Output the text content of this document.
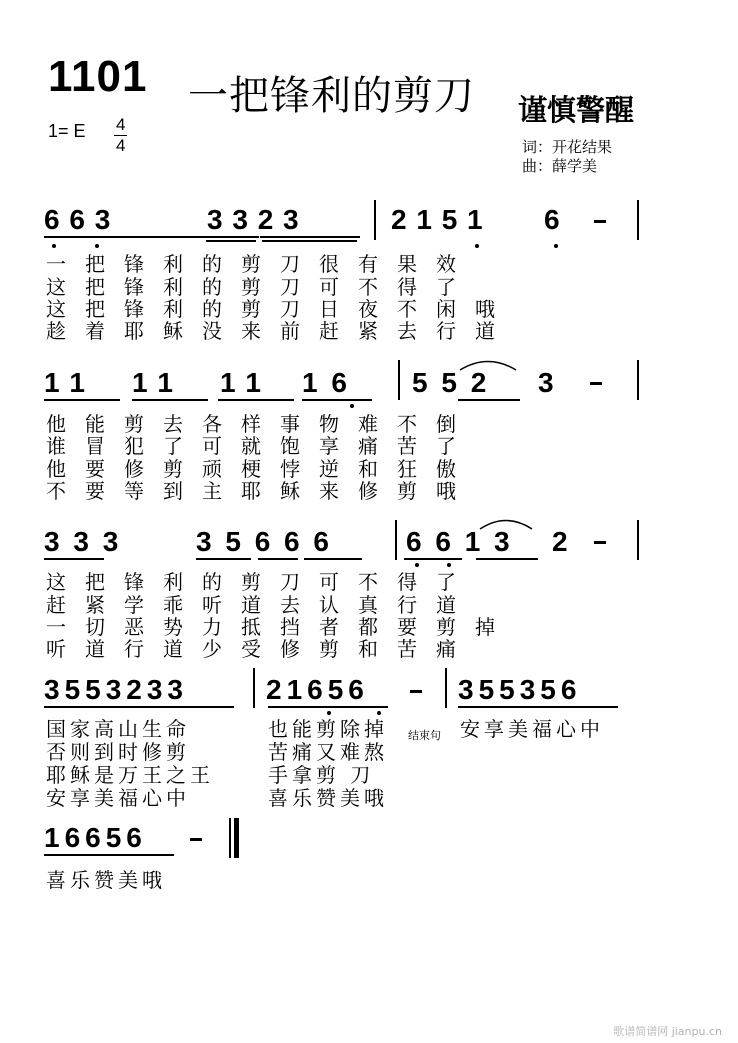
1101 一把锋利的剪刀 谨慎警醒
1= E 4
4	词：开花结果
曲：薛学美
6 6 3	3 3 2 3	2 1 5 1 6
一把锋利的剪刀很有果效
这把锋利的剪刀可不得了
这把锋利的剪刀日夜不闲哦
趁着耶稣没来前赶紧去行道
1 1 1 1 1 1 1 6 5 5 2 3
他能剪去各样事物难不倒
谁冒犯了可就饱享痛苦了
他要修剪顽梗悖逆和狂傲
不要等到主耶稣来修剪哦
3 3 3	3 5 6 6 6	6 6 1 3 2
这把锋利的剪刀可不得了
赶紧学乖听道去认真行道
一切恶势力抵挡者都要剪掉
听道行道少受修剪和苦痛
3553233	21656	355356
国家高山生命	也能剪除掉 结束句 安享美福心中
否则到时修剪	苦痛又难熬
耶稣是万王之王	手拿剪 刀
安享美福心中	喜乐赞美哦
16656
喜乐赞美哦
歌谱简谱网 jianpu.cn
